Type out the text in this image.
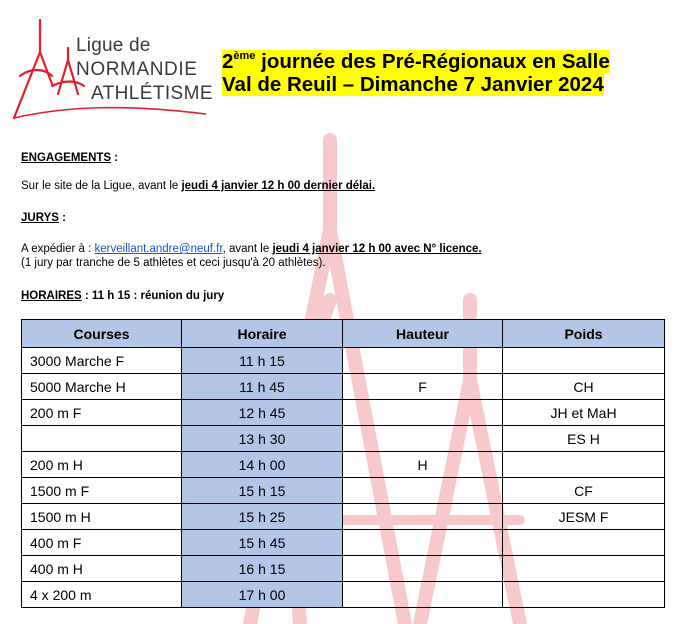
Ligue de
NORMANDIE
ATHLÉTISME
2ème journée des Pré-Régionaux en Salle
Val de Reuil – Dimanche 7 Janvier 2024
ENGAGEMENTS :
Sur le site de la Ligue, avant le jeudi 4 janvier 12 h 00 dernier délai.
JURYS :
A expédier à : kerveillant.andre@neuf.fr, avant le jeudi 4 janvier 12 h 00 avec N° licence.
(1 jury par tranche de 5 athlètes et ceci jusqu'à 20 athlètes).
HORAIRES : 11 h 15 : réunion du jury
Courses	Horaire	Hauteur	Poids
3000 Marche F	11 h 15		
5000 Marche H	11 h 45	F	CH
200 m F	12 h 45		JH et MaH
	13 h 30		ES H
200 m H	14 h 00	H	
1500 m F	15 h 15		CF
1500 m H	15 h 25		JESM F
400 m F	15 h 45		
400 m H	16 h 15		
4 x 200 m	17 h 00		
